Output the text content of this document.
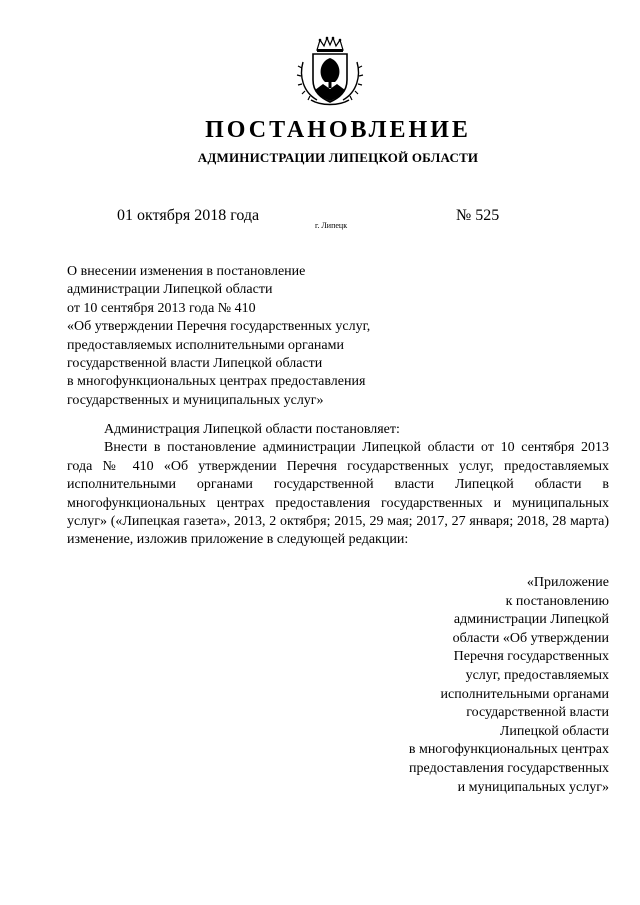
ПОСТАНОВЛЕНИЕ
АДМИНИСТРАЦИИ ЛИПЕЦКОЙ ОБЛАСТИ
01 октября 2018 года
г. Липецк
№ 525
О внесении изменения в постановление
администрации Липецкой области
от 10 сентября 2013 года № 410
«Об утверждении Перечня государственных услуг,
предоставляемых исполнительными органами
государственной власти Липецкой области
в многофункциональных центрах предоставления
государственных и муниципальных услуг»

Администрация Липецкой области постановляет:

Внести в постановление администрации Липецкой области от 10 сентября 2013 года № 410 «Об утверждении Перечня государственных услуг, предоставляемых исполнительными органами государственной власти Липецкой области в многофункциональных центрах предоставления государственных и муниципальных услуг» («Липецкая газета», 2013, 2 октября; 2015, 29 мая; 2017, 27 января; 2018, 28 марта) изменение, изложив приложение в следующей редакции:

«Приложение
к постановлению
администрации Липецкой
области «Об утверждении
Перечня государственных
услуг, предоставляемых
исполнительными органами
государственной власти
Липецкой области
в многофункциональных центрах
предоставления государственных
и муниципальных услуг»
